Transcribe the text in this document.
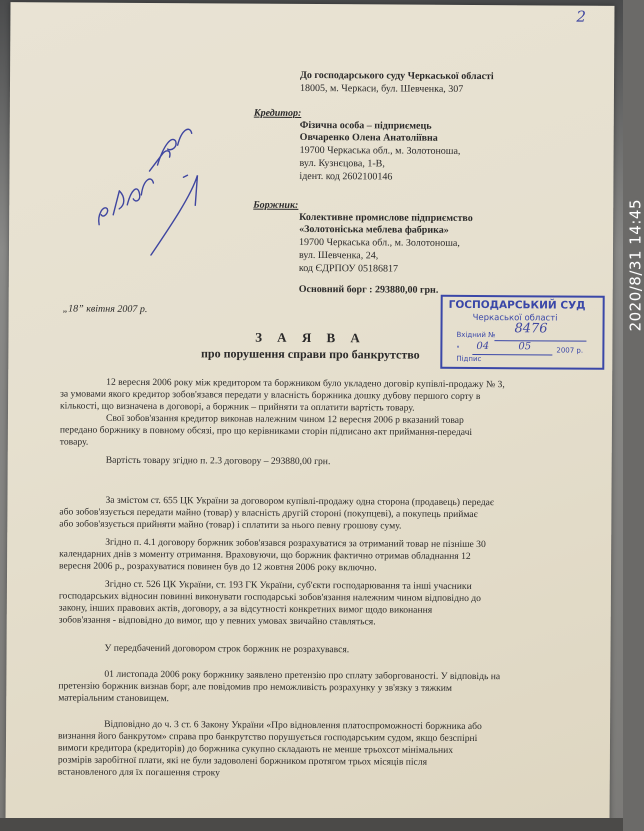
2
До господарського суду Черкаської області
18005, м. Черкаси, бул. Шевченка, 307
Кредитор:
Фізична особа – підприємець
Овчаренко Олена Анатоліївна
19700 Черкаська обл., м. Золотоноша,
вул. Кузнєцова, 1-В,
ідент. код 2602100146
Боржник:
Колективне промислове підприємство
«Золотоніська меблева фабрика»
19700 Черкаська обл., м. Золотоноша,
вул. Шевченка, 24,
код ЄДРПОУ 05186817
Основний борг : 293880,00 грн.
„18” квітня 2007 р.	ГОСПОДАРСЬКИЙ СУД
Черкаської області
Вхідний №
"
Підпис
8476
04	05	2007 р.
З А Я В А
про порушення справи про банкрутство
12 вересня 2006 року між кредитором та боржником було укладено договір купівлі-продажу № 3,
за умовами якого кредитор зобов'язався передати у власність боржника дошку дубову першого сорту в
кількості, що визначена в договорі, а боржник – прийняти та оплатити вартість товару.
Свої зобов'язання кредитор виконав належним чином 12 вересня 2006 р вказаний товар
передано боржнику в повному обсязі, про що керівниками сторін підписано акт приймання-передачі
товару.
Вартість товару згідно п. 2.3 договору – 293880,00 грн.
За змістом ст. 655 ЦК України за договором купівлі-продажу одна сторона (продавець) передає
або зобов'язується передати майно (товар) у власність другій стороні (покупцеві), а покупець приймає
або зобов'язується прийняти майно (товар) і сплатити за нього певну грошову суму.
Згідно п. 4.1 договору боржник зобов'язався розрахуватися за отриманий товар не пізніше 30
календарних днів з моменту отримання. Враховуючи, що боржник фактично отримав обладнання 12
вересня 2006 р., розрахуватися повинен був до 12 жовтня 2006 року включно.
Згідно ст. 526 ЦК України, ст. 193 ГК України, суб'єкти господарювання та інші учасники
господарських відносин повинні виконувати господарські зобов'язання належним чином відповідно до
закону, інших правових актів, договору, а за відсутності конкретних вимог щодо виконання
зобов'язання - відповідно до вимог, що у певних умовах звичайно ставляться.
У передбачений договором строк боржник не розрахувався.
01 листопада 2006 року боржнику заявлено претензію про сплату заборгованості. У відповідь на
претензію боржник визнав борг, але повідомив про неможливість розрахунку у зв'язку з тяжким
матеріальним становищем.
Відповідно до ч. 3 ст. 6 Закону України «Про відновлення платоспроможності боржника або
визнання його банкрутом» справа про банкрутство порушується господарським судом, якщо безспірні
вимоги кредитора (кредиторів) до боржника сукупно складають не менше трьохсот мінімальних
розмірів заробітної плати, які не були задоволені боржником протягом трьох місяців після
встановленого для їх погашення строку
2020/8/31 14:45
